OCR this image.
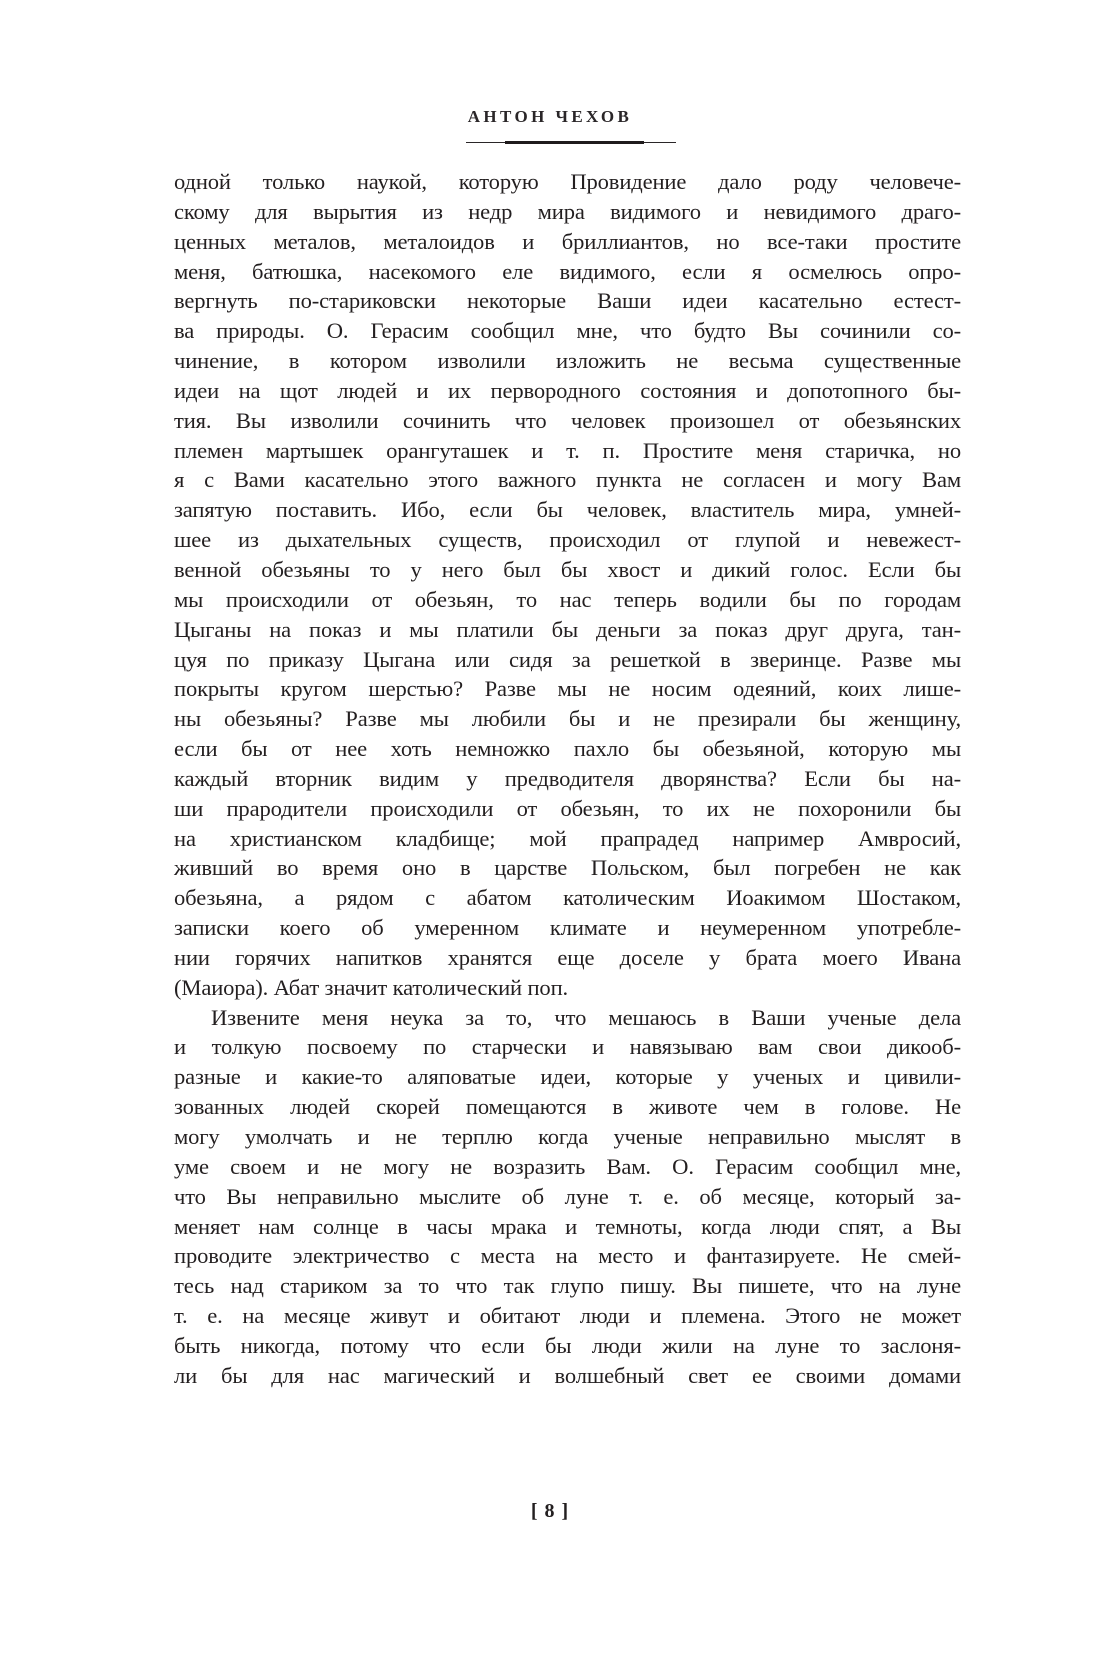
АНТОН ЧЕХОВ
одной только наукой, которую Провидение дало роду человече-
скому для вырытия из недр мира видимого и невидимого драго-
ценных металов, металоидов и бриллиантов, но все-таки простите
меня, батюшка, насекомого еле видимого, если я осмелюсь опро-
вергнуть по-стариковски некоторые Ваши идеи касательно естест-
ва природы. О. Герасим сообщил мне, что будто Вы сочинили со-
чинение, в котором изволили изложить не весьма существенные
идеи на щот людей и их первородного состояния и допотопного бы-
тия. Вы изволили сочинить что человек произошел от обезьянских
племен мартышек орангуташек и т. п. Простите меня старичка, но
я с Вами касательно этого важного пункта не согласен и могу Вам
запятую поставить. Ибо, если бы человек, властитель мира, умней-
шее из дыхательных существ, происходил от глупой и невежест-
венной обезьяны то у него был бы хвост и дикий голос. Если бы
мы происходили от обезьян, то нас теперь водили бы по городам
Цыганы на показ и мы платили бы деньги за показ друг друга, тан-
цуя по приказу Цыгана или сидя за решеткой в зверинце. Разве мы
покрыты кругом шерстью? Разве мы не носим одеяний, коих лише-
ны обезьяны? Разве мы любили бы и не презирали бы женщину,
если бы от нее хоть немножко пахло бы обезьяной, которую мы
каждый вторник видим у предводителя дворянства? Если бы на-
ши прародители происходили от обезьян, то их не похоронили бы
на христианском кладбище; мой прапрадед например Амвросий,
живший во время оно в царстве Польском, был погребен не как
обезьяна, а рядом с абатом католическим Иоакимом Шостаком,
записки коего об умеренном климате и неумеренном употребле-
нии горячих напитков хранятся еще доселе у брата моего Ивана
(Маиора). Абат значит католический поп.
Извените меня неука за то, что мешаюсь в Ваши ученые дела
и толкую посвоему по старчески и навязываю вам свои дикооб-
разные и какие-то аляповатые идеи, которые у ученых и цивили-
зованных людей скорей помещаются в животе чем в голове. Не
могу умолчать и не терплю когда ученые неправильно мыслят в
уме своем и не могу не возразить Вам. О. Герасим сообщил мне,
что Вы неправильно мыслите об луне т. е. об месяце, который за-
меняет нам солнце в часы мрака и темноты, когда люди спят, а Вы
проводите электричество с места на место и фантазируете. Не смей-
тесь над стариком за то что так глупо пишу. Вы пишете, что на луне
т. е. на месяце живут и обитают люди и племена. Этого не может
быть никогда, потому что если бы люди жили на луне то заслоня-
ли бы для нас магический и волшебный свет ее своими домами
[ 8 ]
